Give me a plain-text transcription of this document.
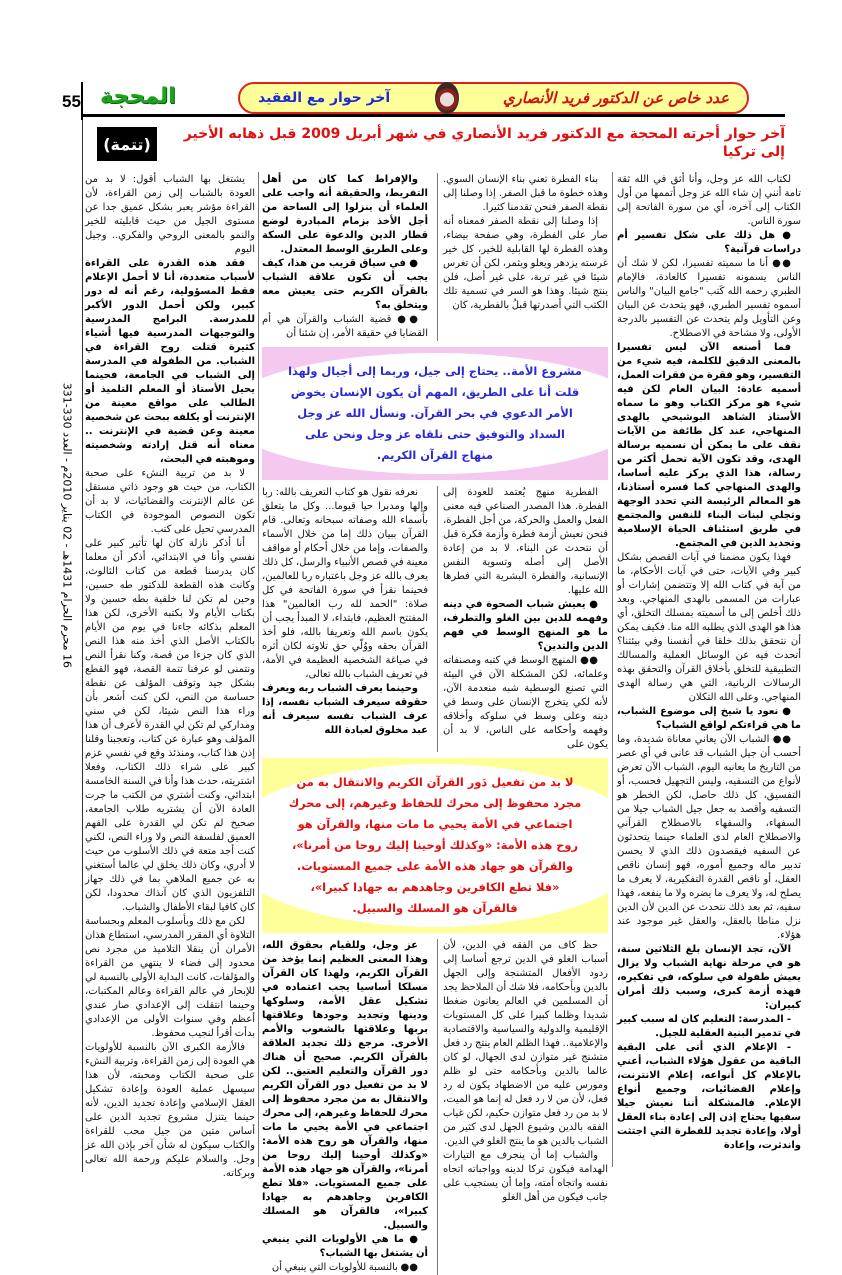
55 المحجة	عدد خاص عن الدكتور فريد الأنصاري
آخر حوار مع الفقيد
آخر حوار أجرته المحجة مع الدكتور فريد الأنصاري في شهر أبريل 2009 قبل ذهابه الأخير إلى تركيا
(تتمة)
16 محرم الحرام 1431هـ - 02 يناير 2010م - العدد 330-331

لكتاب الله عز وجل، وأنا أثق في الله ثقة تامة أنني إن شاء الله عز وجل أتممها من أول الكتاب إلى آخره، أي من سورة الفاتحة إلى سورة الناس.

● هل ذلك على شكل تفسير أم دراسات قرآنية؟

●● أنا ما سميته تفسيرا، لكن لا شك أن الناس يسمونه تفسيرا كالعادة، فالإمام الطبري رحمه الله كَتب "جامع البيان" والناس أسموه تفسير الطبري، فهو يتحدث عن البيان وعن التأويل ولم يتحدث عن التفسير بالدرجة الأولى، ولا مشاحة في الاصطلاح.

فما أصنعه الآن ليس تفسيرا بالمعنى الدقيق للكلمة، فيه شيء من التفسير، وهو فقرة من فقرات العمل، أسميه عادة: البيان العام لكن فيه شيء هو مركز الكتاب وهو ما سماه الأستاذ الشاهد البوشيخي بالهدى المنهاجي، عند كل طائفة من الآيات نقف على ما يمكن أن نسميه برسالة الهدى، وقد تكون الآية تحمل أكثر من رسالة، هذا الذي يركز عليه أساسا، والهدى المنهاجي كما فسره أستاذنا، هو المعالم الرئيسة التي تحدد الوجهة وتجلي لبنات البناء للنفس والمجتمع في طريق استئناف الحياة الإسلامية وتجديد الدين في المجتمع.

فهذا يكون مضمنا في آيات القصص بشكل كبير وفي الآيات، حتى في آيات الأحكام، ما من آية في كتاب الله إلا وتتضمن إشارات أو عبارات من المسمى بالهدى المنهاجي. وبعد ذلك أخلص إلى ما أسميته بمسلك التخلق، أي هذا هو الهدى الذي يطلبه الله منا. فكيف يمكن أن نتحقق بذلك خلقا في أنفسنا وفي بيئتنا؟ أتحدث فيه عن الوسائل العملية والمسالك التطبيقية للتخلق بأخلاق القرآن والتحقق بهذه الرسالات الربانية، التي هي رسالة الهدى المنهاجي. وعلى الله التكلان

● نعود يا شيخ إلى موضوع الشباب، ما هي قراءتكم لواقع الشباب؟

●● الشباب الآن يعاني معاناة شديدة، وما أحسب أن جيل الشباب قد عانى في أي عصر من التاريخ ما يعانيه اليوم، الشباب الآن تعرض لأنواع من التسفيه، وليس التجهيل فحسب، أو التفسيق، كل ذلك حاصل، لكن الخطر هو التسفيه وأقصد به جعل جيل الشباب جيلا من السفهاء، والسفهاء بالاصطلاح القرآني والاصطلاح العام لدى العلماء حينما يتحدثون عن السفيه فيقصدون ذلك الذي لا يحسن تدبير ماله وجميع أموره، فهو إنسان ناقص العقل، أو ناقص القدرة التفكيرية، لا يعرف ما يصلح له، ولا يعرف ما يضره ولا ما ينفعه، فهذا سفيه، ثم بعد ذلك نتحدث عن الدين لأن الدين نزل مناطا بالعقل، والعقل غير موجود عند هؤلاء.

الآن، تجد الإنسان بلغ الثلاثين سنة، هو في مرحلة نهاية الشباب ولا يزال يعيش طفولة في سلوكه، في تفكيره، فهذه أزمة كبرى، وسبب ذلك أمران كبيران:

- المدرسة: التعليم كان له سبب كبير في تدمير البنية العقلية للجيل.

- الإعلام الذي أتى على البقية الباقية من عقول هؤلاء الشباب، أعني بالإعلام كل أنواعه، إعلام الانترنت، وإعلام الفضائيات، وجميع أنواع الإعلام. فالمشكلة أننا نعيش جيلا سفيها يحتاج إذن إلى إعادة بناء العقل أولا، وإعادة تجديد للفطرة التي اجتثت واندثرت، وإعادة

يشتغل بها الشباب أقول: لا بد من العودة بالشباب إلى زمن القراءة، لأن القراءة مؤشر يعبر بشكل عميق جدا عن مستوى الجيل من حيث قابليته للخير والنمو بالمعنى الروحي والفكري.. وجيل اليوم

فقد هذه القدرة على القراءة لأسباب متعددة، أنا لا أحمل الإعلام فقط المسؤولية، رغم أنه له دور كبير، ولكن أحمل الدور الأكبر للمدرسة. البرامج المدرسية والتوجيهات المدرسية فيها أشياء كثيرة قتلت روح القراءة في الشباب. من الطفولة في المدرسة إلى الشباب في الجامعة، فحينما يحيل الأستاذ أو المعلم التلميذ أو الطالب على مواقع معينة من الإنترنت أو يكلفه ببحث عن شخصية معينة وعن قضية في الإنترنت .. معناه أنه قتل إرادته وشخصيته وموهبته في البحث،

لا بد من تربية النشء على صحبة الكتاب، من حيث هو وجود ذاتي مستقل عن عالم الإنترنت والفضائيات، لا بد أن تكون النصوص الموجودة في الكتاب المدرسي تحيل على كتب.

أنا أذكر نازلة كان لها تأثير كبير على نفسي وأنا في الابتدائي، أذكر أن معلما كان يدرسنا قطعة من كتاب الثالوث، وكانت هذه القطعة للدكتور طه حسين، وحين لم تكن لنا خلفية بطه حسين ولا بكتاب الأيام ولا بكتبه الأخرى، لكن هذا المعلم بذكائه جاءنا في يوم من الأيام بالكتاب الأصل الذي أخذ منه هذا النص الذي كان جزءا من قصة، وكنا نقرأ النص ونتمنى لو عرفنا تتمة القصة، فهو القطع بشكل جيد وتوقف المؤلف عن نقطة حساسة من النص، لكن كنت أشعر بأن وراء هذا النص شيئا، لكن في سني ومداركي لم تكن لي القدرة لأعرف أن هذا المؤلف وهو عبارة عن كتاب، وتعجبنا وقلنا إذن هذا كتاب، ومنذئذ وقع في نفسي عزم كبير على شراء ذلك الكتاب، وفعلا اشتريته، حدث هذا وأنا في السنة الخامسة ابتدائي، وكنت أشتري من الكتب ما جرت العادة الآن أن يشتريه طلاب الجامعة، صحيح لم تكن لي القدرة على الفهم العميق لفلسفة النص ولا وراء النص، لكني كنت أجد متعة في ذلك الأسلوب من حيث لا أدري، وكان ذلك يخلق لي عالما أستغني به عن جميع الملاهي بما في ذلك جهاز التلفزيون الذي كان آنذاك محدودا، لكن كان كافيا لبقاء الأطفال والشباب.

لكن مع ذلك وبأسلوب المعلم وبحساسة التلاوة أي المقرر المدرسي، استطاع هذان الأمران أن ينقلا التلاميذ من مجرد نص محدود إلى فضاء لا ينتهي من القراءة والمؤلفات، كانت البداية الأولى بالنسبة لي للإبحار في عالم القراءة وعالم المكتبات، وحينما انتقلت إلى الإعدادي صار عندي أعظم وفي سنوات الأولى من الإعدادي بدأت أقرأ لنجيب محفوظ.

فالأزمة الكبرى الآن بالنسبة للأولويات هي العودة إلى زمن القراءة، وتربية النشء على صحبة الكتاب ومحبته، لأن هذا سيسهل عملية العودة وإعادة تشكيل العقل الإسلامي وإعادة تجديد الدين، لأنه حينما يتنزل مشروع تجديد الدين على أساس متين من جيل محب للقراءة والكتاب سيكون له شأن آخر بإذن الله عز وجل. والسلام عليكم ورحمة الله تعالى وبركاته.

والإفراط كما كان من أهل التفريط، والحقيقة أنه واجب على العلماء أن ينزلوا إلى الساحة من أجل الأخذ بزمام المبادرة لوضع قطار الدين والدعوة على السكة وعلى الطريق الوسط المعتدل.

● في سياق قريب من هذا، كيف يجب أن تكون علاقة الشباب بالقرآن الكريم حتى يعيش معه ويتخلق به؟

●● قضية الشباب والقرآن هي أم القضايا في حقيقة الأمر، إن شئنا أن

بناء الفطرة تعني بناء الإنسان السوي. وهذه خطوة ما قبل الصفر. إذا وصلنا إلى نقطة الصفر فنحن تقدمنا كثيرا.

إذا وصلنا إلى نقطة الصفر فمعناه أنه صار على الفطرة، وهي صفحة بيضاء، وهذه الفطرة لها القابلية للخير، كل خير غرسته يزدهر ويعلو ويثمر، لكن أن تغرس شيئا في غير تربة، على غير أصل، فلن ينتج شيئا. وهذا هو السر في تسمية تلك الكتب التي أصدرتها قبلُ بالفطرية، كان

مشروع الأمة.. يحتاج إلى جيل، وربما إلى أجيال ولهذا قلت أنا على الطريق، المهم أن يكون الإنسان يخوض الأمر الدعوي في بحر القرآن. ونسأل الله عز وجل السداد والتوفيق حتى نلقاه عز وجل ونحن على منهاج القرآن الكريم.

نعرفه نقول هو كتاب التعريف بالله: ربا وإلها ومدبرا حيا قيوما... وكل ما يتعلق بأسماء الله وصفاته سبحانه وتعالى. قام القرآن ببيان ذلك إما من خلال الأسماء والصفات، وإما من خلال أحكام أو مواقف معينة في قصص الأنبياء والرسل، كل ذلك يعرف بالله عز وجل باعتباره ربا للعالمين، فحينما نقرأ في سورة الفاتحة في كل صلاة: "الحمد لله رب العالمين" هذا المفتتح العظيم، فابتداء، لا المبدأ يجب أن يكون باسم الله وتعريفا بالله، فلو أخذ القرآن بحقه ووُلّي حق تلاوته لكان أثره في صياغة الشخصية العظيمة في الأمة، في تعريف الشباب بالله تعالى،

وحينما يعرف الشباب ربه ويعرف حقوقه سيعرف الشباب نفسه، إذا عرف الشباب نفسه سيعرف أنه عبد مخلوق لعبادة الله

الفطرية منهج يُعتمد للعودة إلى الفطرة. هذا المصدر الصناعي فيه معنى الفعل والعمل والحركة، من أجل الفطرة، فنحن نعيش أزمة فطرة وأزمة فكرة قبل أن نتحدث عن البناء، لا بد من إعادة الأصل إلى أصله وتسوية النفس الإنسانية، والفطرة البشرية التي فطرها الله عليها.

● يعيش شباب الصحوة في دينه وفهمه للدين بين الغلو والتطرف، ما هو المنهج الوسط في فهم الدين والتدين؟

●● المنهج الوسط في كتبه ومصنفاته وعلمائه، لكن المشكلة الآن في البيئة التي تصنع الوسطية شبه منعدمة الآن، لأنه لكي يتخرج الإنسان على وسط في دينه وعلى وسط في سلوكه وأخلاقه وفهمه وأحكامه على الناس، لا بد أن يكون على

لا بد من تفعيل دَور القرآن الكريم والانتقال به من مجرد محفوظ إلى محرك للحفاظ وغيرهم، إلى محرك اجتماعي في الأمة يحيي ما مات منها، والقرآن هو روح هذه الأمة: «وكذلك أوحينا إليك روحا من أمرنا»، والقرآن هو جهاد هذه الأمة على جميع المستويات. «فلا تطع الكافرين وجاهدهم به جهادا كبيرا»، فالقرآن هو المسلك والسبيل.

عز وجل، وللقيام بحقوق الله، وهذا المعنى العظيم إنما يؤخذ من القرآن الكريم، ولهذا كان القرآن مسلكا أساسيا يجب اعتماده في تشكيل عقل الأمة، وسلوكها ودينها وتجديد وجودها وعلاقتها بربها وعلاقتها بالشعوب والأمم الأخرى. مرجع ذلك تجديد العلاقة بالقرآن الكريم. صحيح أن هناك دور القرآن والتعليم العتيق.. لكن لا بد من تفعيل دور القرآن الكريم والانتقال به من مجرد محفوظ إلى محرك للحفاظ وغيرهم، إلى محرك اجتماعي في الأمة يحيي ما مات منها، والقرآن هو روح هذه الأمة: «وكذلك أوحينا إليك روحا من أمرنا»، والقرآن هو جهاد هذه الأمة على جميع المستويات. «فلا تطع الكافرين وجاهدهم به جهادا كبيرا»، فالقرآن هو المسلك والسبيل.

● ما هي الأولويات التي ينبغي أن يشتغل بها الشباب؟

●● بالنسبة للأولويات التي ينبغي أن

حظ كاف من الفقه في الدين، لأن أسباب الغلو في الدين ترجع أساسا إلى ردود الأفعال المتشنجة وإلى الجهل بالدين وبأحكامه، فلا شك أن الملاحظ يجد أن المسلمين في العالم يعانون ضغطا شديدا وظلما كبيرا على كل المستويات الإقليمية والدولية والسياسية والاقتصادية والإعلامية.. فهذا الظلم العام ينتج رد فعل متشنج غير متوازن لدى الجهال، لو كان عالما بالدين وبأحكامه حتى لو ظلم ومورس عليه من الاضطهاد يكون له رد فعل، لأن من لا رد فعل له إنما هو الميت، لا بد من رد فعل متوازن حكيم، لكن غياب الفقه بالدين وشيوع الجهل لدى كثير من الشباب بالدين هو ما ينتج الغلو في الدين.

والشباب إما أن ينجرف مع التيارات الهدامة فيكون تركا لدينه وواجباته اتجاه نفسه واتجاه أمته، وإما أن يستجيب على جانب فيكون من أهل الغلو
